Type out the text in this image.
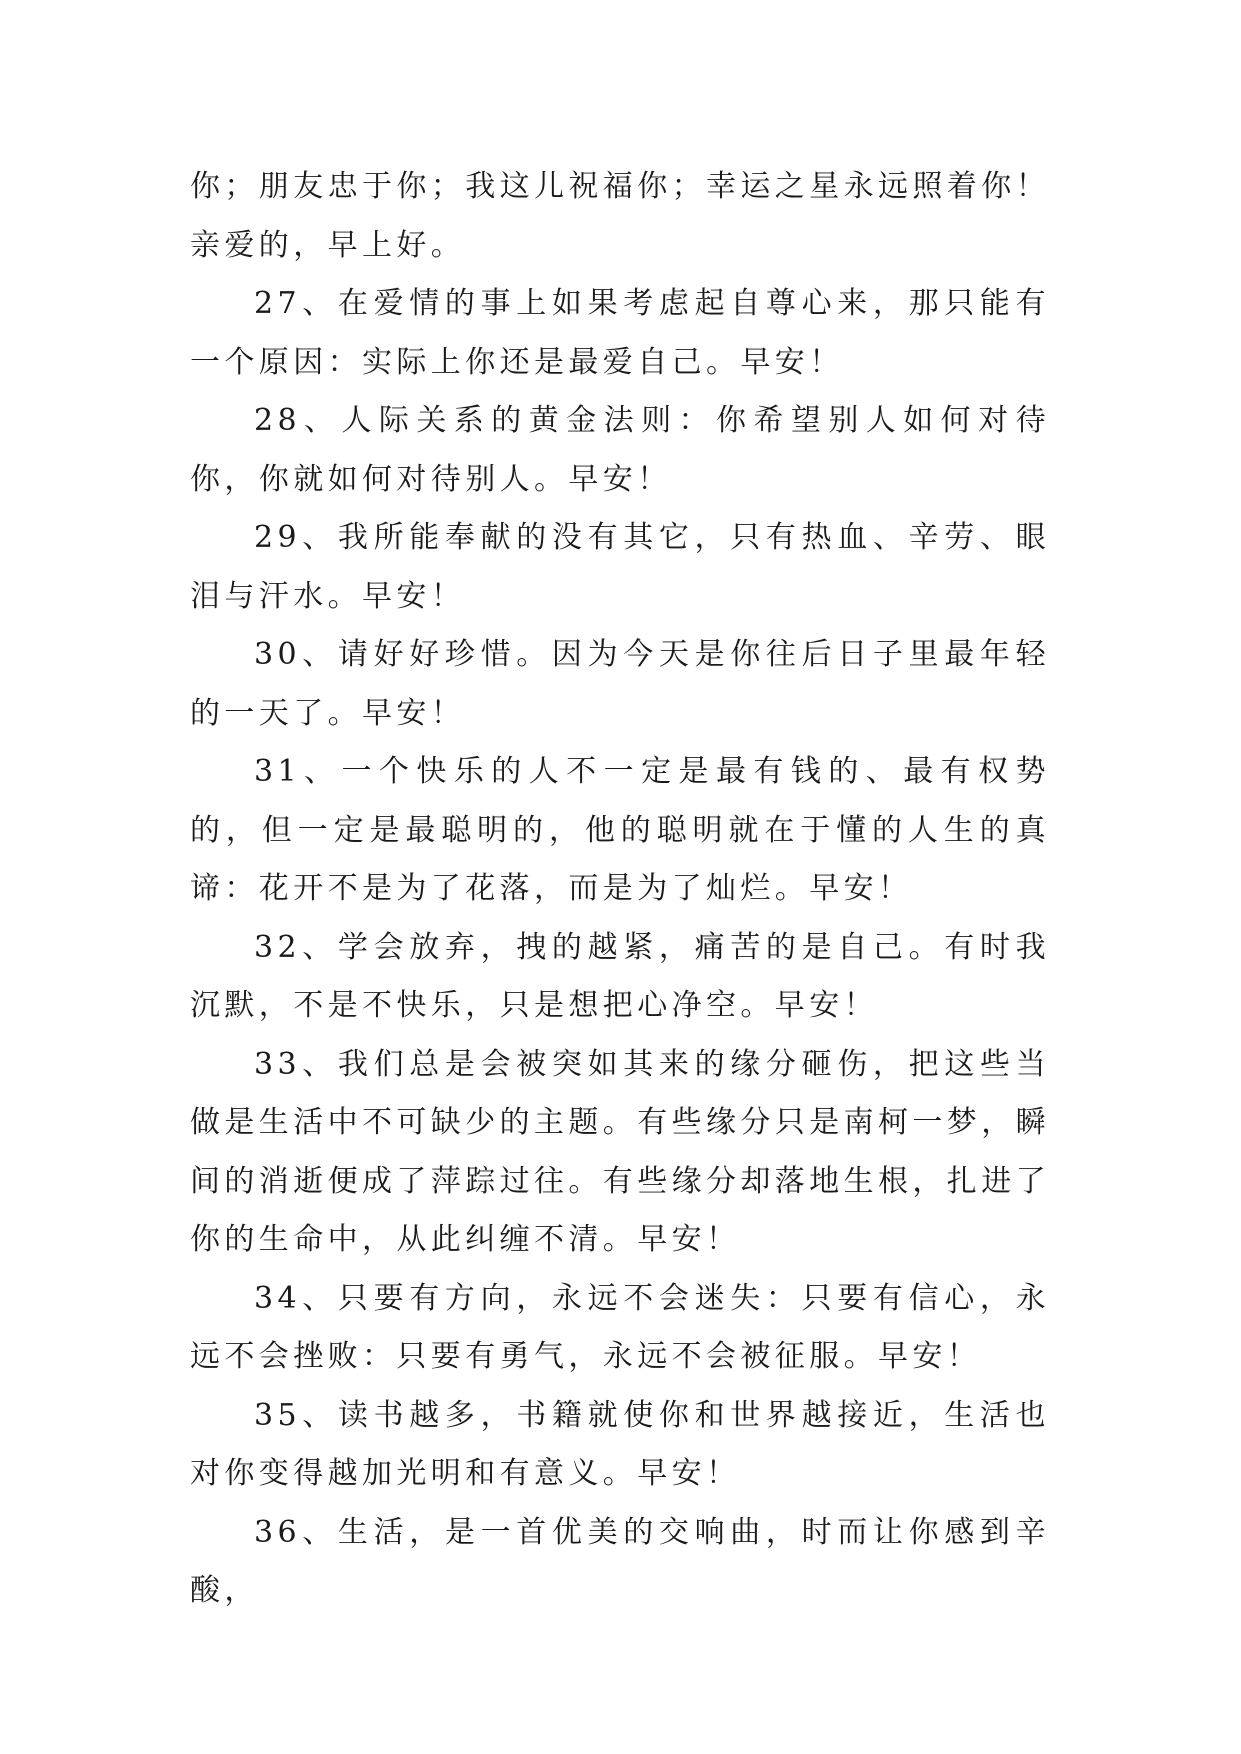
你；朋友忠于你；我这儿祝福你；幸运之星永远照着你！亲爱的，早上好。

27、在爱情的事上如果考虑起自尊心来，那只能有一个原因：实际上你还是最爱自己。早安！

28、人际关系的黄金法则：你希望别人如何对待你，你就如何对待别人。早安！

29、我所能奉献的没有其它，只有热血、辛劳、眼泪与汗水。早安！

30、请好好珍惜。因为今天是你往后日子里最年轻的一天了。早安！

31、一个快乐的人不一定是最有钱的、最有权势的，但一定是最聪明的，他的聪明就在于懂的人生的真谛：花开不是为了花落，而是为了灿烂。早安！

32、学会放弃，拽的越紧，痛苦的是自己。有时我沉默，不是不快乐，只是想把心净空。早安！

33、我们总是会被突如其来的缘分砸伤，把这些当做是生活中不可缺少的主题。有些缘分只是南柯一梦，瞬间的消逝便成了萍踪过往。有些缘分却落地生根，扎进了你的生命中，从此纠缠不清。早安！

34、只要有方向，永远不会迷失：只要有信心，永远不会挫败：只要有勇气，永远不会被征服。早安！

35、读书越多，书籍就使你和世界越接近，生活也对你变得越加光明和有意义。早安！

36、生活，是一首优美的交响曲，时而让你感到辛酸，
